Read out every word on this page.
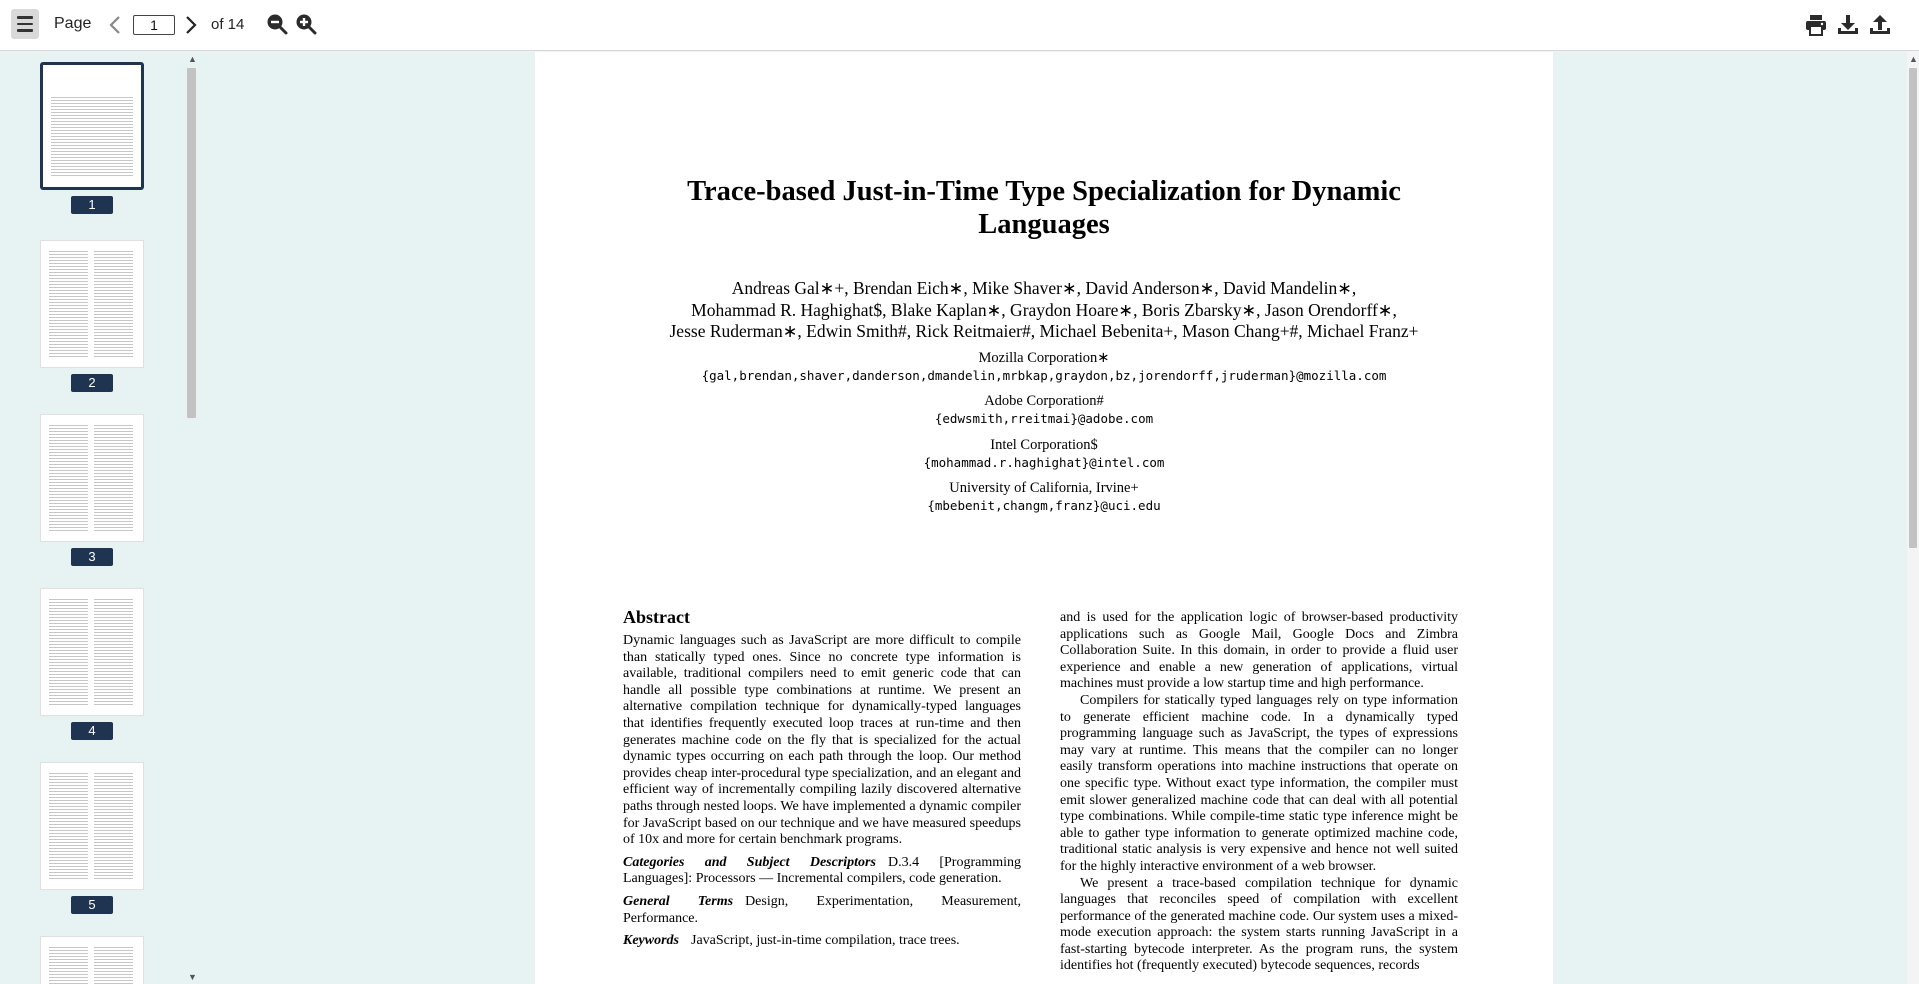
Page
1	of 14
1
2
3
4
5
▲
▼
Trace-based Just-in-Time Type Specialization for Dynamic
Languages
Andreas Gal∗+, Brendan Eich∗, Mike Shaver∗, David Anderson∗, David Mandelin∗,
Mohammad R. Haghighat$, Blake Kaplan∗, Graydon Hoare∗, Boris Zbarsky∗, Jason Orendorff∗,
Jesse Ruderman∗, Edwin Smith#, Rick Reitmaier#, Michael Bebenita+, Mason Chang+#, Michael Franz+
Mozilla Corporation∗
{gal,brendan,shaver,danderson,dmandelin,mrbkap,graydon,bz,jorendorff,jruderman}@mozilla.com
Adobe Corporation#
{edwsmith,rreitmai}@adobe.com
Intel Corporation$
{mohammad.r.haghighat}@intel.com
University of California, Irvine+
{mbebenit,changm,franz}@uci.edu
Abstract
Dynamic languages such as JavaScript are more difficult to compile than statically typed ones. Since no concrete type information is available, traditional compilers need to emit generic code that can handle all possible type combinations at runtime. We present an alternative compilation technique for dynamically-typed languages that identifies frequently executed loop traces at run-time and then generates machine code on the fly that is specialized for the actual dynamic types occurring on each path through the loop. Our method provides cheap inter-procedural type specialization, and an elegant and efficient way of incrementally compiling lazily discovered alternative paths through nested loops. We have implemented a dynamic compiler for JavaScript based on our technique and we have measured speedups of 10x and more for certain benchmark programs.
Categories and Subject Descriptors D.3.4 [Programming Languages]: Processors — Incremental compilers, code generation.
General Terms Design, Experimentation, Measurement, Performance.
Keywords JavaScript, just-in-time compilation, trace trees.
and is used for the application logic of browser-based productivity applications such as Google Mail, Google Docs and Zimbra Collaboration Suite. In this domain, in order to provide a fluid user experience and enable a new generation of applications, virtual machines must provide a low startup time and high performance.
Compilers for statically typed languages rely on type information to generate efficient machine code. In a dynamically typed programming language such as JavaScript, the types of expressions may vary at runtime. This means that the compiler can no longer easily transform operations into machine instructions that operate on one specific type. Without exact type information, the compiler must emit slower generalized machine code that can deal with all potential type combinations. While compile-time static type inference might be able to gather type information to generate optimized machine code, traditional static analysis is very expensive and hence not well suited for the highly interactive environment of a web browser.
We present a trace-based compilation technique for dynamic languages that reconciles speed of compilation with excellent performance of the generated machine code. Our system uses a mixed-mode execution approach: the system starts running JavaScript in a fast-starting bytecode interpreter. As the program runs, the system identifies hot (frequently executed) bytecode sequences, records
▲
